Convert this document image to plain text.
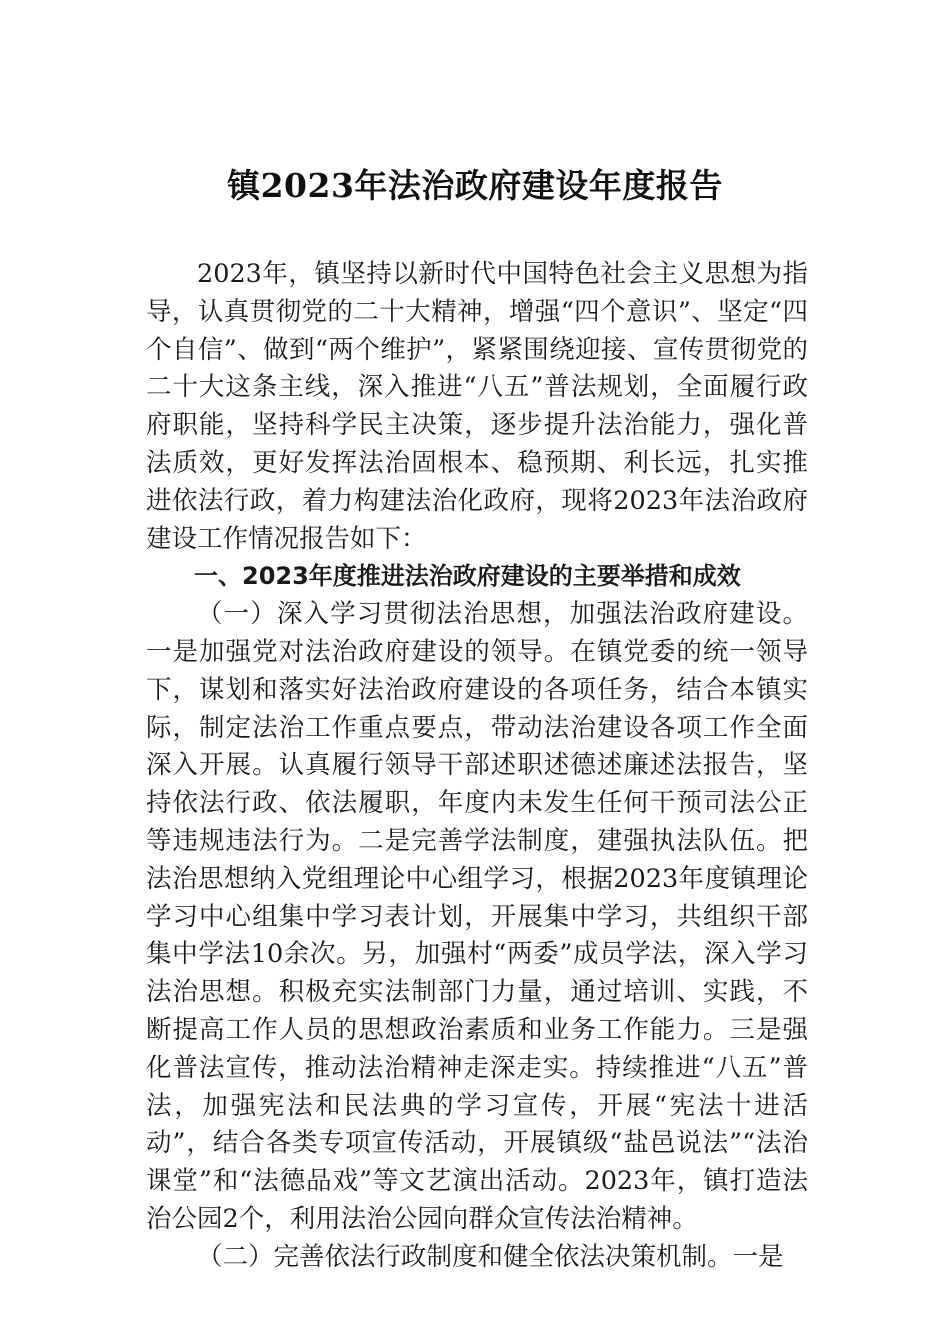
镇2023年法治政府建设年度报告

2023年，镇坚持以新时代中国特色社会主义思想为指导，认真贯彻党的二十大精神，增强“四个意识”、坚定“四个自信”、做到“两个维护”，紧紧围绕迎接、宣传贯彻党的二十大这条主线，深入推进“八五”普法规划，全面履行政府职能，坚持科学民主决策，逐步提升法治能力，强化普法质效，更好发挥法治固根本、稳预期、利长远，扎实推进依法行政，着力构建法治化政府，现将2023年法治政府建设工作情况报告如下：

一、2023年度推进法治政府建设的主要举措和成效

（一）深入学习贯彻法治思想，加强法治政府建设。一是加强党对法治政府建设的领导。在镇党委的统一领导下，谋划和落实好法治政府建设的各项任务，结合本镇实际，制定法治工作重点要点，带动法治建设各项工作全面深入开展。认真履行领导干部述职述德述廉述法报告，坚持依法行政、依法履职，年度内未发生任何干预司法公正等违规违法行为。二是完善学法制度，建强执法队伍。把法治思想纳入党组理论中心组学习，根据2023年度镇理论学习中心组集中学习表计划，开展集中学习，共组织干部集中学法10余次。另，加强村“两委”成员学法，深入学习法治思想。积极充实法制部门力量，通过培训、实践，不断提高工作人员的思想政治素质和业务工作能力。三是强化普法宣传，推动法治精神走深走实。持续推进“八五”普法，加强宪法和民法典的学习宣传，开展“宪法十进活动”，结合各类专项宣传活动，开展镇级“盐邑说法”“法治课堂”和“法德品戏”等文艺演出活动。2023年，镇打造法治公园2个，利用法治公园向群众宣传法治精神。

（二）完善依法行政制度和健全依法决策机制。一是
